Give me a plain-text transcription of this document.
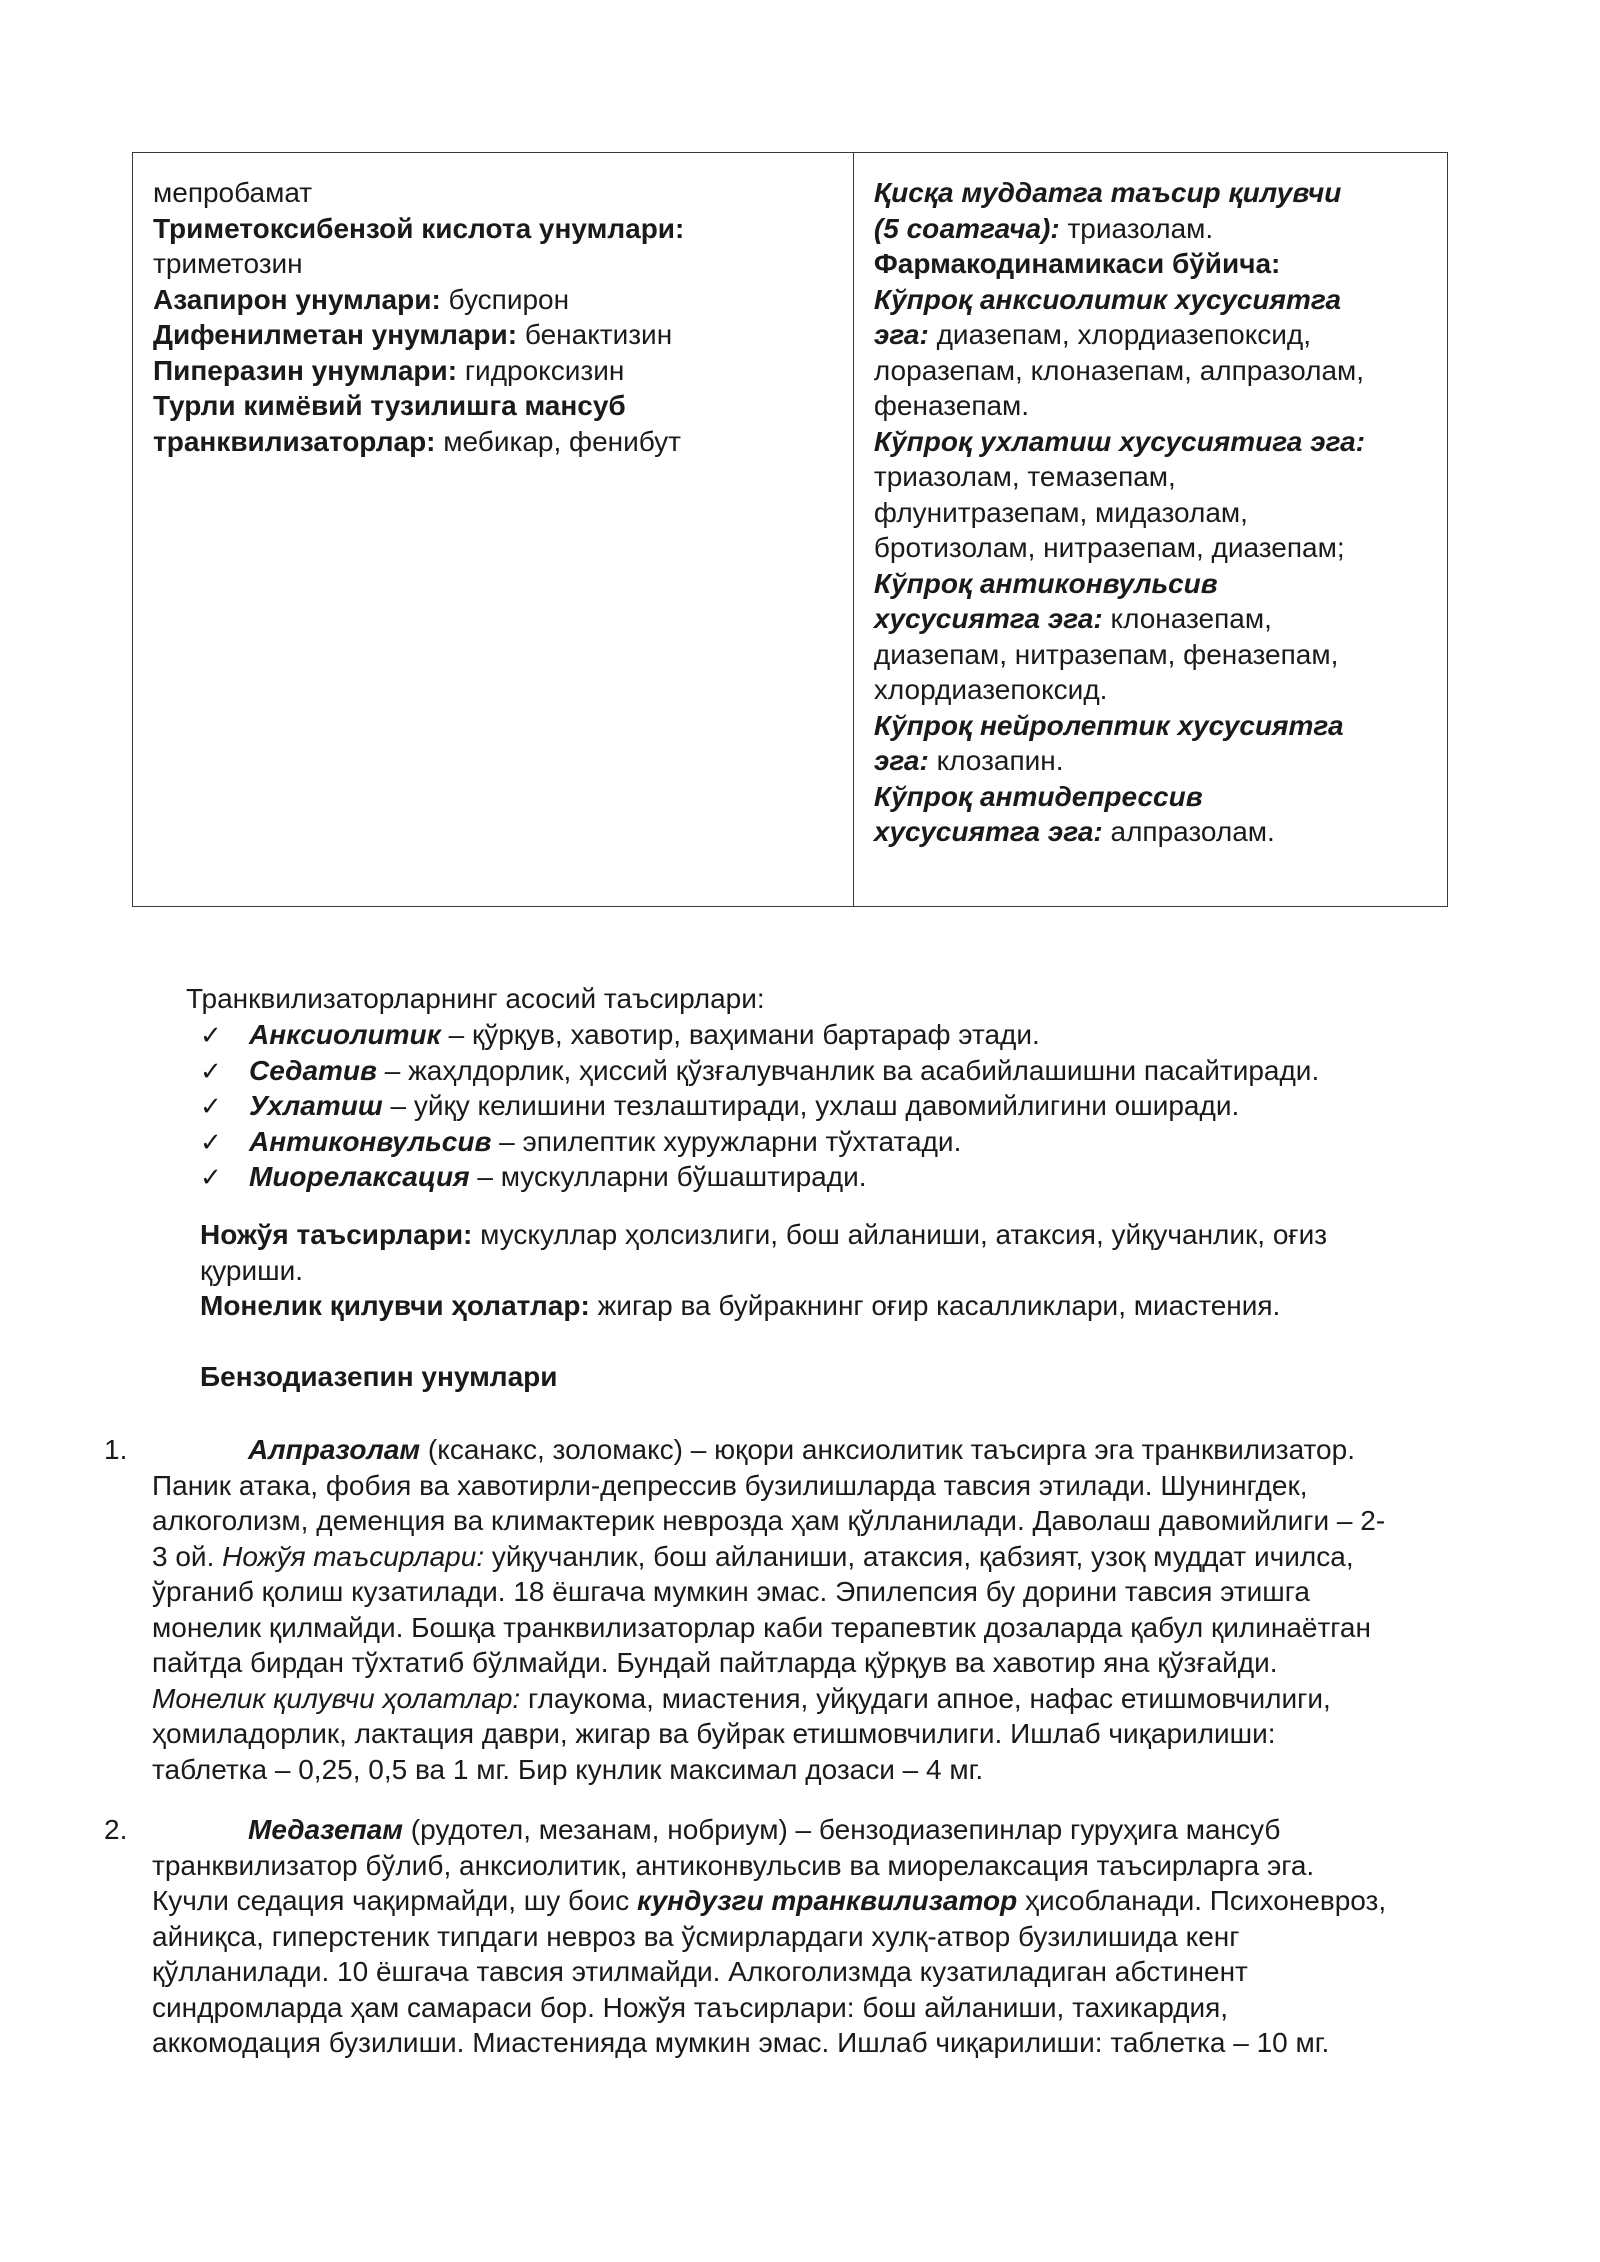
мепробамат
Триметоксибензой кислота унумлари:
триметозин
Азапирон унумлари: буспирон
Дифенилметан унумлари: бенактизин
Пиперазин унумлари: гидроксизин
Турли кимёвий тузилишга мансуб
транквилизаторлар: мебикар, фенибут
Қисқа муддатга таъсир қилувчи
(5 соатгача): триазолам.
Фармакодинамикаси бўйича:
Кўпроқ анксиолитик хусусиятга
эга: диазепам, хлордиазепоксид,
лоразепам, клоназепам, алпразолам,
феназепам.
Кўпроқ ухлатиш хусусиятига эга:
триазолам, темазепам,
флунитразепам, мидазолам,
бротизолам, нитразепам, диазепам;
Кўпроқ антиконвульсив
хусусиятга эга: клоназепам,
диазепам, нитразепам, феназепам,
хлордиазепоксид.
Кўпроқ нейролептик хусусиятга
эга: клозапин.
Кўпроқ антидепрессив
хусусиятга эга: алпразолам.
Транквилизаторларнинг асосий таъсирлари:
✓ Анксиолитик – қўрқув, хавотир, ваҳимани бартараф этади.
✓ Седатив – жаҳлдорлик, ҳиссий қўзғалувчанлик ва асабийлашишни пасайтиради.
✓ Ухлатиш – уйқу келишини тезлаштиради, ухлаш давомийлигини оширади.
✓ Антиконвульсив – эпилептик хуружларни тўхтатади.
✓ Миорелаксация – мускулларни бўшаштиради.
Ножўя таъсирлари: мускуллар ҳолсизлиги, бош айланиши, атаксия, уйқучанлик, оғиз
қуриши.
Монелик қилувчи ҳолатлар: жигар ва буйракнинг оғир касалликлари, миастения.
Бензодиазепин унумлари
1.	Алпразолам (ксанакс, золомакс) – юқори анксиолитик таъсирга эга транквилизатор.
Паник атака, фобия ва хавотирли-депрессив бузилишларда тавсия этилади. Шунингдек,
алкоголизм, деменция ва климактерик неврозда ҳам қўлланилади. Даволаш давомийлиги – 2-
3 ой. Ножўя таъсирлари: уйқучанлик, бош айланиши, атаксия, қабзият, узоқ муддат ичилса,
ўрганиб қолиш кузатилади. 18 ёшгача мумкин эмас. Эпилепсия бу дорини тавсия этишга
монелик қилмайди. Бошқа транквилизаторлар каби терапевтик дозаларда қабул қилинаётган
пайтда бирдан тўхтатиб бўлмайди. Бундай пайтларда қўрқув ва хавотир яна қўзғайди.
Монелик қилувчи ҳолатлар: глаукома, миастения, уйқудаги апное, нафас етишмовчилиги,
ҳомиладорлик, лактация даври, жигар ва буйрак етишмовчилиги. Ишлаб чиқарилиши:
таблетка – 0,25, 0,5 ва 1 мг. Бир кунлик максимал дозаси – 4 мг.
2.	Медазепам (рудотел, мезанам, нобриум) – бензодиазепинлар гуруҳига мансуб
транквилизатор бўлиб, анксиолитик, антиконвульсив ва миорелаксация таъсирларга эга.
Кучли седация чақирмайди, шу боис кундузги транквилизатор ҳисобланади. Психоневроз,
айниқса, гиперстеник типдаги невроз ва ўсмирлардаги хулқ-атвор бузилишида кенг
қўлланилади. 10 ёшгача тавсия этилмайди. Алкоголизмда кузатиладиган абстинент
синдромларда ҳам самараси бор. Ножўя таъсирлари: бош айланиши, тахикардия,
аккомодация бузилиши. Миастенияда мумкин эмас. Ишлаб чиқарилиши: таблетка – 10 мг.
